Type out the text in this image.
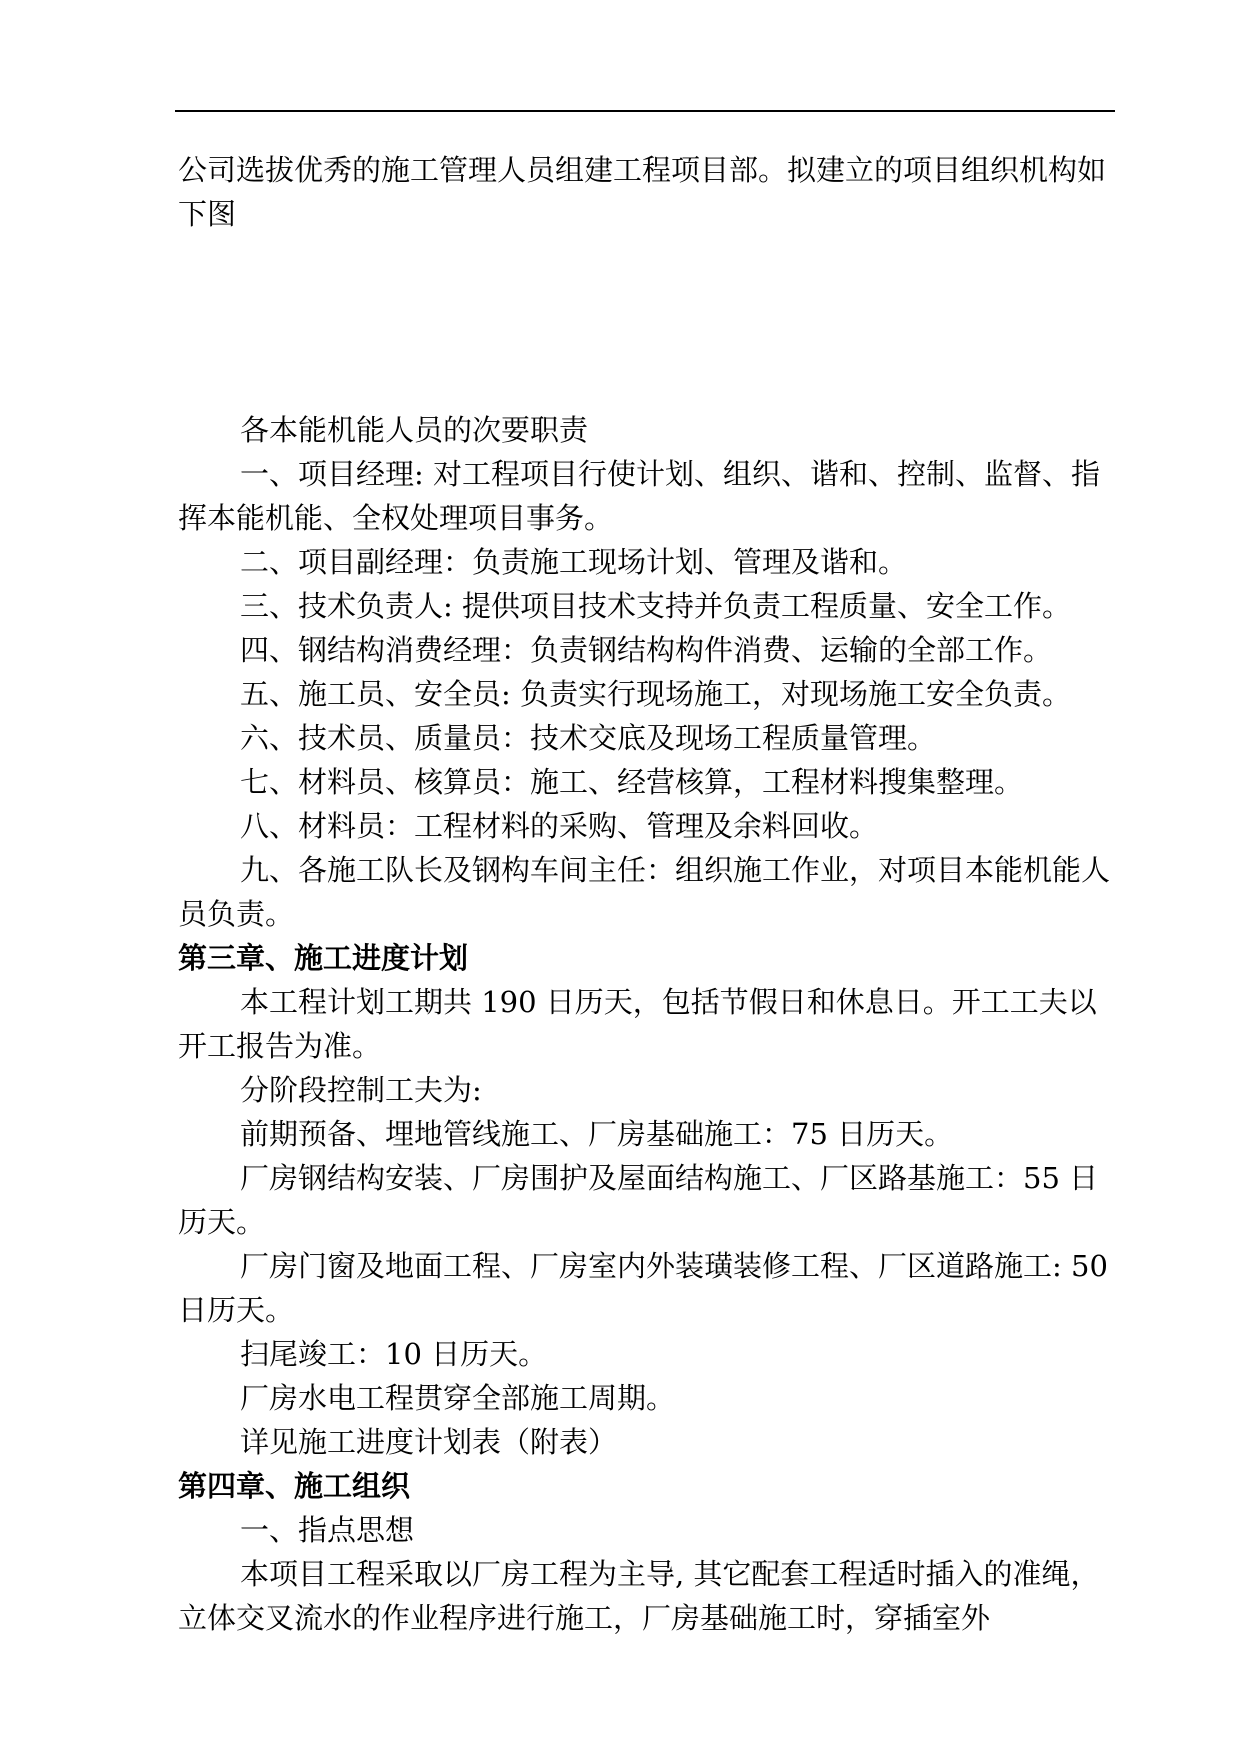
公司选拔优秀的施工管理人员组建工程项目部。拟建立的项目组织机构如下图

各本能机能人员的次要职责

一、项目经理: 对工程项目行使计划、组织、谐和、控制、监督、指挥本能机能、全权处理项目事务。

二、项目副经理：负责施工现场计划、管理及谐和。

三、技术负责人: 提供项目技术支持并负责工程质量、安全工作。

四、钢结构消费经理：负责钢结构构件消费、运输的全部工作。

五、施工员、安全员: 负责实行现场施工，对现场施工安全负责。

六、技术员、质量员：技术交底及现场工程质量管理。

七、材料员、核算员：施工、经营核算，工程材料搜集整理。

八、材料员：工程材料的采购、管理及余料回收。

九、各施工队长及钢构车间主任：组织施工作业，对项目本能机能人员负责。

第三章、施工进度计划

本工程计划工期共 190 日历天，包括节假日和休息日。开工工夫以开工报告为准。

分阶段控制工夫为:

前期预备、埋地管线施工、厂房基础施工：75 日历天。

厂房钢结构安装、厂房围护及屋面结构施工、厂区路基施工：55 日历天。

厂房门窗及地面工程、厂房室内外装璜装修工程、厂区道路施工: 50 日历天。

扫尾竣工：10 日历天。

厂房水电工程贯穿全部施工周期。

详见施工进度计划表（附表）

第四章、施工组织

一、指点思想

本项目工程采取以厂房工程为主导, 其它配套工程适时插入的准绳，立体交叉流水的作业程序进行施工，厂房基础施工时，穿插室外
